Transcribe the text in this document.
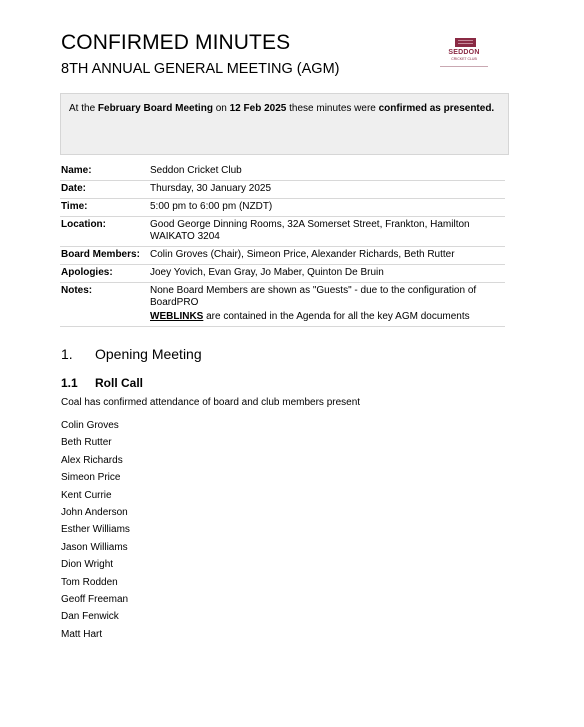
CONFIRMED MINUTES
8TH ANNUAL GENERAL MEETING (AGM)
SEDDON
CRICKET CLUB
At the February Board Meeting on 12 Feb 2025 these minutes were confirmed as presented.
Name:	Seddon Cricket Club
Date:	Thursday, 30 January 2025
Time:	5:00 pm to 6:00 pm (NZDT)
Location:	Good George Dinning Rooms, 32A Somerset Street, Frankton, Hamilton WAIKATO 3204
Board Members:	Colin Groves (Chair), Simeon Price, Alexander Richards, Beth Rutter
Apologies:	Joey Yovich, Evan Gray, Jo Maber, Quinton De Bruin
Notes:	None Board Members are shown as "Guests" - due to the configuration of BoardPRO
WEBLINKS are contained in the Agenda for all the key AGM documents
1. Opening Meeting
1.1 Roll Call
Coal has confirmed attendance of board and club members present
Colin Groves
Beth Rutter
Alex Richards
Simeon Price
Kent Currie
John Anderson
Esther Williams
Jason Williams
Dion Wright
Tom Rodden
Geoff Freeman
Dan Fenwick
Matt Hart
